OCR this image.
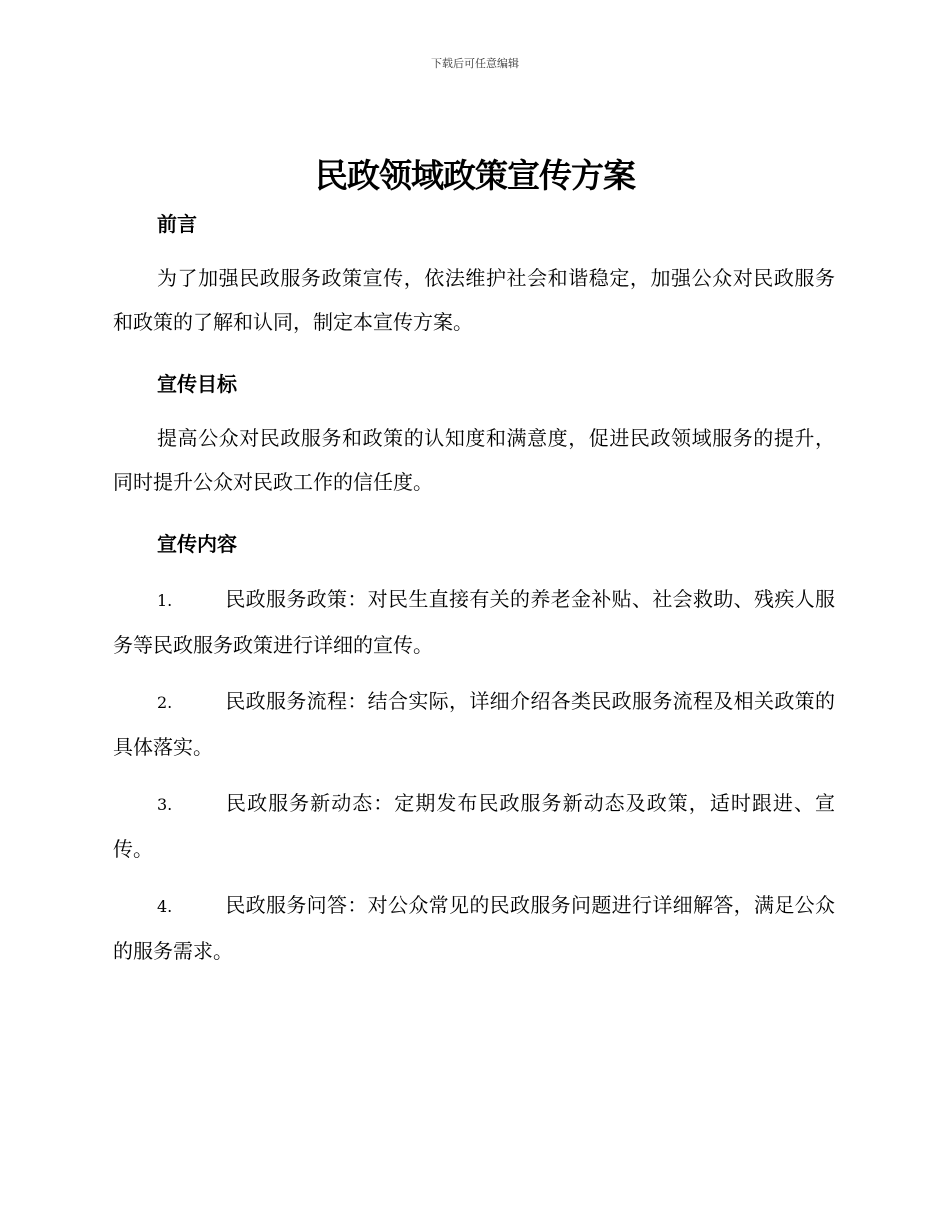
下载后可任意编辑
民政领域政策宣传方案
前言

为了加强民政服务政策宣传，依法维护社会和谐稳定，加强公众对民政服务和政策的了解和认同，制定本宣传方案。

宣传目标

提高公众对民政服务和政策的认知度和满意度，促进民政领域服务的提升，同时提升公众对民政工作的信任度。

宣传内容

1.	民政服务政策：对民生直接有关的养老金补贴、社会救助、残疾人服务等民政服务政策进行详细的宣传。

2.	民政服务流程：结合实际，详细介绍各类民政服务流程及相关政策的具体落实。

3.	民政服务新动态：定期发布民政服务新动态及政策，适时跟进、宣传。

4.	民政服务问答：对公众常见的民政服务问题进行详细解答，满足公众的服务需求。
